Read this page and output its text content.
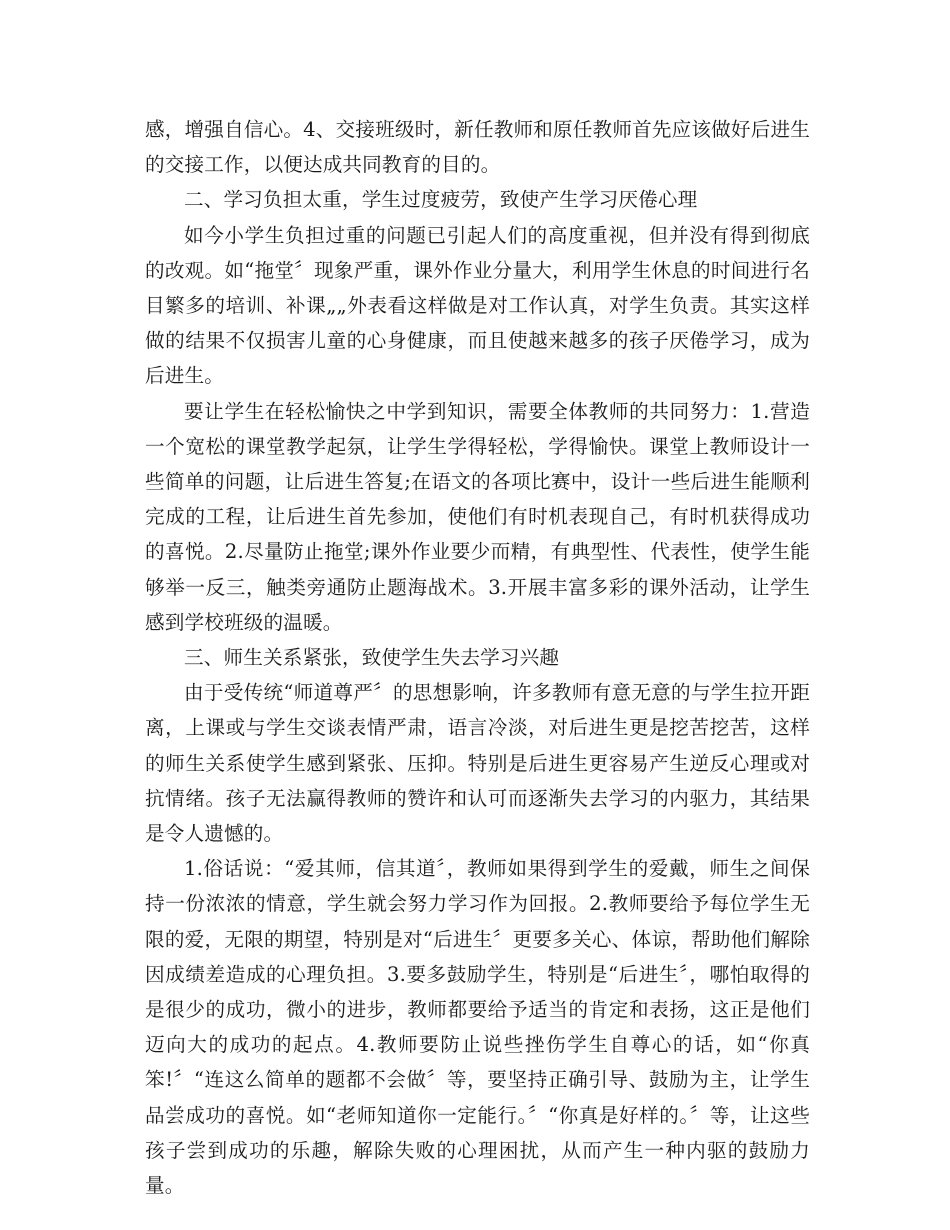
感，增强自信心。4、交接班级时，新任教师和原任教师首先应该做好后进生的交接工作，以便达成共同教育的目的。

二、学习负担太重，学生过度疲劳，致使产生学习厌倦心理

如今小学生负担过重的问题已引起人们的高度重视，但并没有得到彻底的改观。如“拖堂〞现象严重，课外作业分量大，利用学生休息的时间进行名目繁多的培训、补课„„外表看这样做是对工作认真，对学生负责。其实这样做的结果不仅损害儿童的心身健康，而且使越来越多的孩子厌倦学习，成为后进生。

要让学生在轻松愉快之中学到知识，需要全体教师的共同努力：1.营造一个宽松的课堂教学起氛，让学生学得轻松，学得愉快。课堂上教师设计一些简单的问题，让后进生答复;在语文的各项比赛中，设计一些后进生能顺利完成的工程，让后进生首先参加，使他们有时机表现自己，有时机获得成功的喜悦。2.尽量防止拖堂;课外作业要少而精，有典型性、代表性，使学生能够举一反三，触类旁通防止题海战术。3.开展丰富多彩的课外活动，让学生感到学校班级的温暖。

三、师生关系紧张，致使学生失去学习兴趣

由于受传统“师道尊严〞的思想影响，许多教师有意无意的与学生拉开距离，上课或与学生交谈表情严肃，语言冷淡，对后进生更是挖苦挖苦，这样的师生关系使学生感到紧张、压抑。特别是后进生更容易产生逆反心理或对抗情绪。孩子无法赢得教师的赞许和认可而逐渐失去学习的内驱力，其结果是令人遗憾的。

1.俗话说：“爱其师，信其道〞，教师如果得到学生的爱戴，师生之间保持一份浓浓的情意，学生就会努力学习作为回报。2.教师要给予每位学生无限的爱，无限的期望，特别是对“后进生〞更要多关心、体谅，帮助他们解除因成绩差造成的心理负担。3.要多鼓励学生，特别是“后进生〞，哪怕取得的是很少的成功，微小的进步，教师都要给予适当的肯定和表扬，这正是他们迈向大的成功的起点。4.教师要防止说些挫伤学生自尊心的话，如“你真笨!〞“连这么简单的题都不会做〞等，要坚持正确引导、鼓励为主，让学生品尝成功的喜悦。如“老师知道你一定能行。〞“你真是好样的。〞等，让这些孩子尝到成功的乐趣，解除失败的心理困扰，从而产生一种内驱的鼓励力量。
